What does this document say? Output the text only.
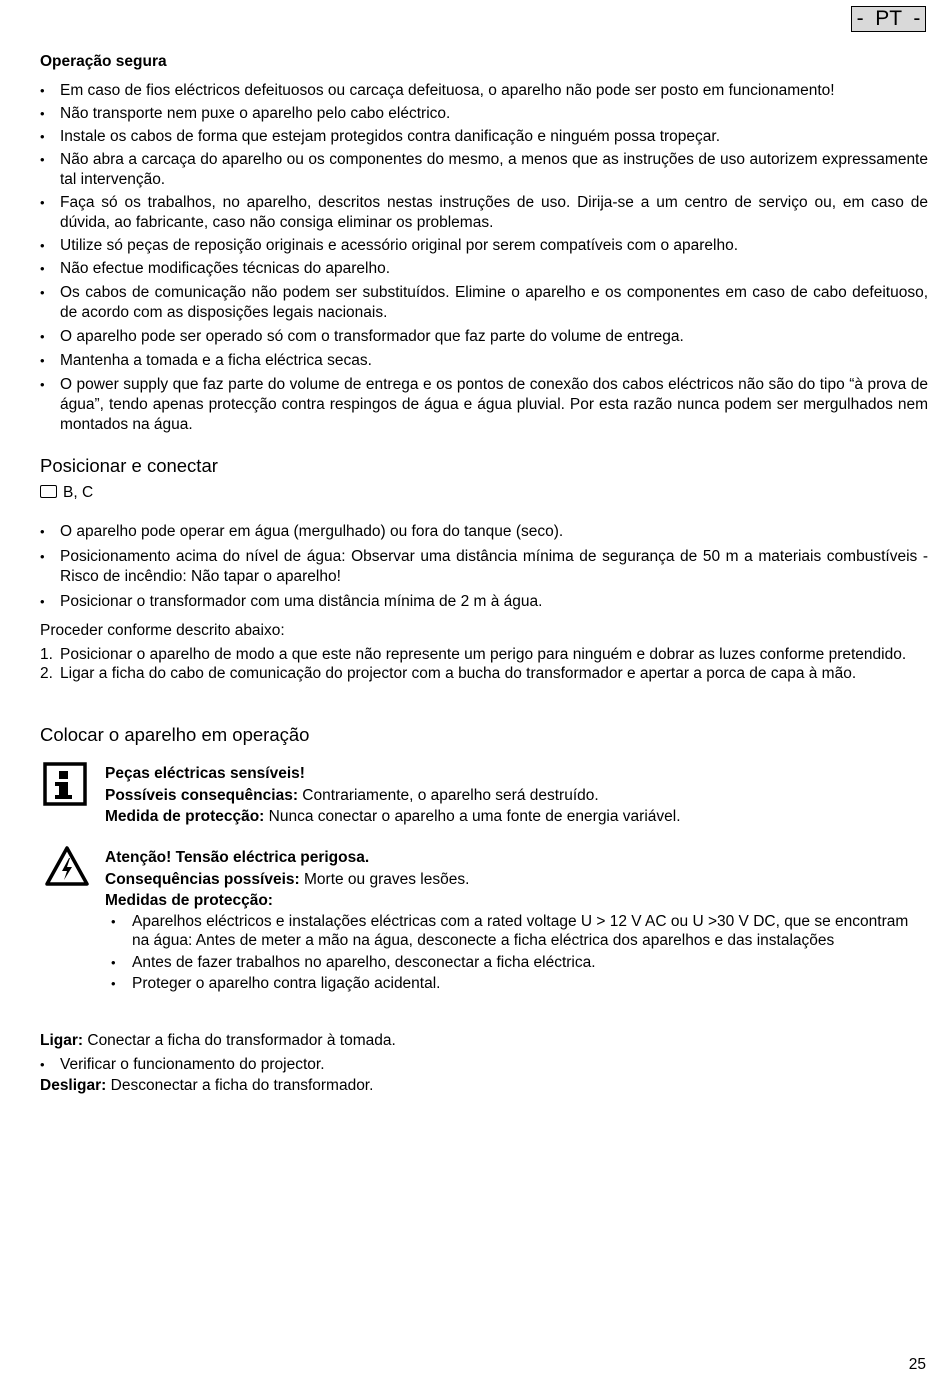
-  PT  -
Operação segura
• Em caso de fios eléctricos defeituosos ou carcaça defeituosa, o aparelho não pode ser posto em funcionamento!
• Não transporte nem puxe o aparelho pelo cabo eléctrico.
• Instale os cabos de forma que estejam protegidos contra danificação e ninguém possa tropeçar.
• Não abra a carcaça do aparelho ou os componentes do mesmo, a menos que as instruções de uso autorizem expressamente tal intervenção.
• Faça só os trabalhos, no aparelho, descritos nestas instruções de uso. Dirija-se a um centro de serviço ou, em caso de dúvida, ao fabricante, caso não consiga eliminar os problemas.
• Utilize só peças de reposição originais e acessório original por serem compatíveis com o aparelho.
• Não efectue modificações técnicas do aparelho.
• Os cabos de comunicação não podem ser substituídos. Elimine o aparelho e os componentes em caso de cabo defeituoso, de acordo com as disposições legais nacionais.
• O aparelho pode ser operado só com o transformador que faz parte do volume de entrega.
• Mantenha a tomada e a ficha eléctrica secas.
• O power supply que faz parte do volume de entrega e os pontos de conexão dos cabos eléctricos não são do tipo “à prova de água”, tendo apenas protecção contra respingos de água e água pluvial. Por esta razão nunca podem ser mergulhados nem montados na água.
Posicionar e conectar
B, C
• O aparelho pode operar em água (mergulhado) ou fora do tanque (seco).
• Posicionamento acima do nível de água: Observar uma distância mínima de segurança de 50 m a materiais combustíveis - Risco de incêndio: Não tapar o aparelho!
• Posicionar o transformador com uma distância mínima de 2 m à água.
Proceder conforme descrito abaixo:
1. Posicionar o aparelho de modo a que este não represente um perigo para ninguém e dobrar as luzes conforme pretendido.
2. Ligar a ficha do cabo de comunicação do projector com a bucha do transformador e apertar a porca de capa à mão.
Colocar o aparelho em operação
Peças eléctricas sensíveis!
Possíveis consequências: Contrariamente, o aparelho será destruído.
Medida de protecção: Nunca conectar o aparelho a uma fonte de energia variável.
Atenção! Tensão eléctrica perigosa.
Consequências possíveis: Morte ou graves lesões.
Medidas de protecção:
• Aparelhos eléctricos e instalações eléctricas com a rated voltage U > 12 V AC ou U >30 V DC, que se encontram na água: Antes de meter a mão na água, desconecte a ficha eléctrica dos aparelhos e das instalações
• Antes de fazer trabalhos no aparelho, desconectar a ficha eléctrica.
• Proteger o aparelho contra ligação acidental.
Ligar: Conectar a ficha do transformador à tomada.
• Verificar o funcionamento do projector.
Desligar: Desconectar a ficha do transformador.
25
